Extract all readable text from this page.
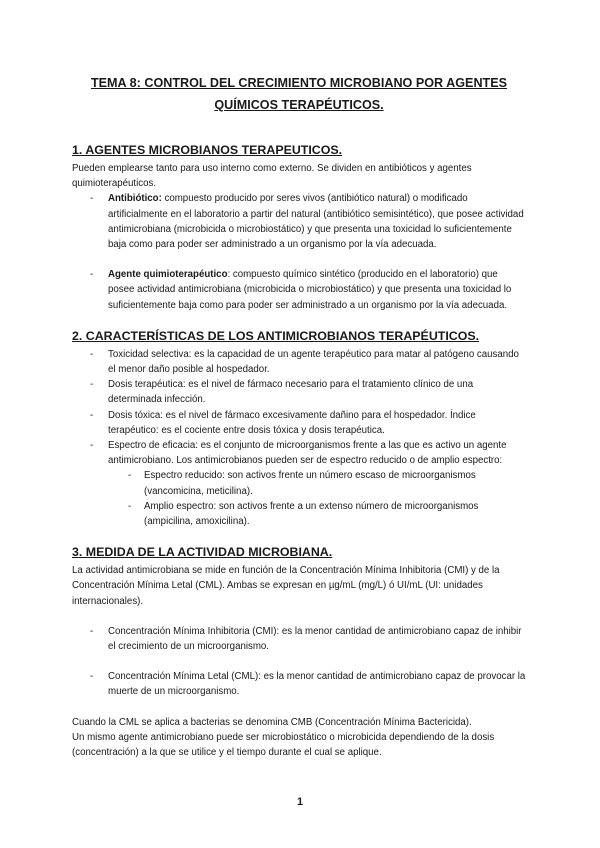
TEMA 8: CONTROL DEL CRECIMIENTO MICROBIANO POR AGENTES QUÍMICOS TERAPÉUTICOS.
1. AGENTES MICROBIANOS TERAPEUTICOS.

Pueden emplearse tanto para uso interno como externo. Se dividen en antibióticos y agentes quimioterapéuticos.

- Antibiótico: compuesto producido por seres vivos (antibiótico natural) o modificado artificialmente en el laboratorio a partir del natural (antibiótico semisintético), que posee actividad antimicrobiana (microbicida o microbiostático) y que presenta una toxicidad lo suficientemente baja como para poder ser administrado a un organismo por la vía adecuada.
- Agente quimioterapéutico: compuesto químico sintético (producido en el laboratorio) que posee actividad antimicrobiana (microbicida o microbiostático) y que presenta una toxicidad lo suficientemente baja como para poder ser administrado a un organismo por la vía adecuada.
2. CARACTERÍSTICAS DE LOS ANTIMICROBIANOS TERAPÉUTICOS.
- Toxicidad selectiva: es la capacidad de un agente terapéutico para matar al patógeno causando el menor daño posible al hospedador.
- Dosis terapéutica: es el nivel de fármaco necesario para el tratamiento clínico de una determinada infección.
- Dosis tóxica: es el nivel de fármaco excesivamente dañino para el hospedador. Índice terapéutico: es el cociente entre dosis tóxica y dosis terapéutica.
- Espectro de eficacia: es el conjunto de microorganismos frente a las que es activo un agente antimicrobiano. Los antimicrobianos pueden ser de espectro reducido o de amplio espectro:
- Espectro reducido: son activos frente un número escaso de microorganismos (vancomicina, meticilina).
- Amplio espectro: son activos frente a un extenso número de microorganismos (ampicilina, amoxicilina).
3. MEDIDA DE LA ACTIVIDAD MICROBIANA.

La actividad antimicrobiana se mide en función de la Concentración Mínima Inhibitoria (CMI) y de la Concentración Mínima Letal (CML). Ambas se expresan en µg/mL (mg/L) ó UI/mL (UI: unidades internacionales).

- Concentración Mínima Inhibitoria (CMI): es la menor cantidad de antimicrobiano capaz de inhibir el crecimiento de un microorganismo.
- Concentración Mínima Letal (CML): es la menor cantidad de antimicrobiano capaz de provocar la muerte de un microorganismo.

Cuando la CML se aplica a bacterias se denomina CMB (Concentración Mínima Bactericida).

Un mismo agente antimicrobiano puede ser microbiostático o microbicida dependiendo de la dosis (concentración) a la que se utilice y el tiempo durante el cual se aplique.

1
